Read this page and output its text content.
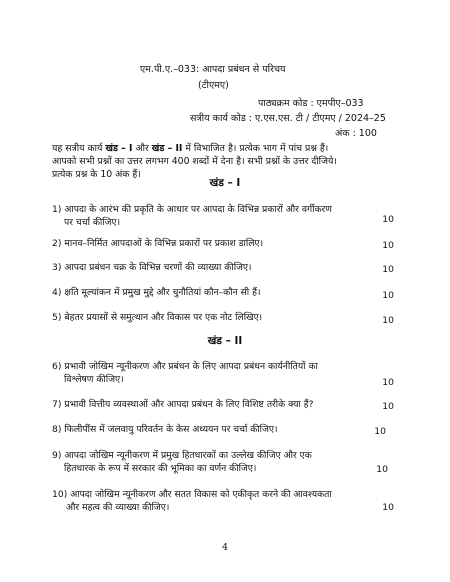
एम.पी.ए.–033: आपदा प्रबंधन से परिचय
(टीएमए)
पाठ्यक्रम कोड : एमपीए–033
सत्रीय कार्य कोड : ए.एस.एस. टी / टीएमए / 2024–25
अंक : 100
यह सत्रीय कार्य खंड – I और खंड – II में विभाजित है। प्रत्येक भाग में पांच प्रश्न हैं।
आपको सभी प्रश्नों का उत्तर लगभग 400 शब्दों में देना है। सभी प्रश्नों के उत्तर दीजिये।
प्रत्येक प्रश्न के 10 अंक हैं।
खंड – I
1) आपदा के आरंभ की प्रकृति के आधार पर आपदा के विभिन्न प्रकारों और वर्गीकरण
पर चर्चा कीजिए।	10
2) मानव–निर्मित आपदाओं के विभिन्न प्रकारों पर प्रकाश डालिए।	10
3) आपदा प्रबंधन चक्र के विभिन्न चरणों की व्याख्या कीजिए।	10
4) क्षति मूल्यांकन में प्रमुख मुद्दे और चुनौतियां कौन–कौन सी हैं।	10
5) बेहतर प्रयासों से समुत्थान और विकास पर एक नोट लिखिए।	10
खंड – II
6) प्रभावी जोखिम न्यूनीकरण और प्रबंधन के लिए आपदा प्रबंधन कार्यनीतियों का
विश्लेषण कीजिए।	10
7) प्रभावी वित्तीय व्यवस्थाओं और आपदा प्रबंधन के लिए विशिष्ट तरीके क्या हैं?	10
8) फिलीपींस में जलवायु परिवर्तन के केस अध्ययन पर चर्चा कीजिए।	10
9) आपदा जोखिम न्यूनीकरण में प्रमुख हितधारकों का उल्लेख कीजिए और एक
हितधारक के रूप में सरकार की भूमिका का वर्णन कीजिए।	10
10) आपदा जोखिम न्यूनीकरण और सतत विकास को एकीकृत करने की आवश्यकता
और महत्व की व्याख्या कीजिए।	10
4
